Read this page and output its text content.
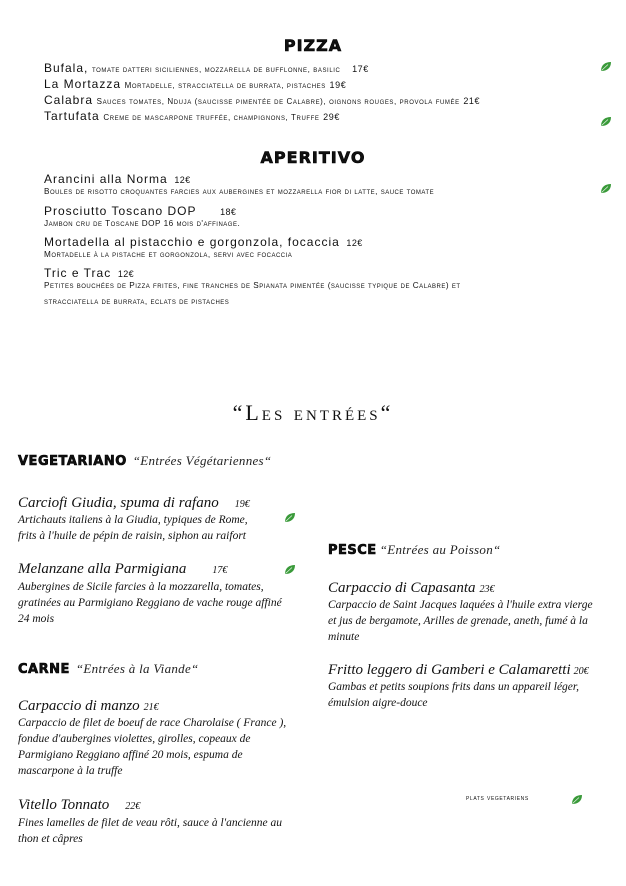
PIZZA
Bufala, tomate datteri siciliennes, mozzarella de bufflonne, basilic 17€
La Mortazza Mortadelle, stracciatella de burrata, pistaches 19€
Calabra Sauces tomates, Nduja (saucisse pimentée de Calabre), oignons rouges, provola fumée 21€
Tartufata Creme de mascarpone truffée, champignons, Truffe 29€
APERITIVO
Arancini alla Norma 12€
Boules de risotto croquantes farcies aux aubergines et mozzarella fior di latte, sauce tomate
Prosciutto Toscano DOP	18€
Jambon cru de Toscane DOP 16 mois d'affinage.
Mortadella al pistacchio e gorgonzola, focaccia 12€
Mortadelle à la pistache et gorgonzola, servi avec focaccia
Tric e Trac 12€
Petites bouchées de Pizza frites, fine tranches de Spianata pimentée (saucisse typique de Calabre) et
stracciatella de burrata, eclats de pistaches
“Les entrées“
VEGETARIANO “Entrées Végétariennes“
Carciofi Giudia, spuma di rafano 19€
Artichauts italiens à la Giudia, typiques de Rome,
frits à l'huile de pépin de raisin, siphon au raifort
Melanzane alla Parmigiana	17€
Aubergines de Sicile farcies à la mozzarella, tomates,
gratinées au Parmigiano Reggiano de vache rouge affiné
24 mois
CARNE “Entrées à la Viande“
Carpaccio di manzo 21€
Carpaccio de filet de boeuf de race Charolaise ( France ),
fondue d'aubergines violettes, girolles, copeaux de
Parmigiano Reggiano affiné 20 mois, espuma de
mascarpone à la truffe
Vitello Tonnato 22€
Fines lamelles de filet de veau rôti, sauce à l'ancienne au
thon et câpres
PESCE “Entrées au Poisson“
Carpaccio di Capasanta 23€
Carpaccio de Saint Jacques laquées à l'huile extra vierge
et jus de bergamote, Arilles de grenade, aneth, fumé à la
minute
Fritto leggero di Gamberi e Calamaretti 20€
Gambas et petits soupions frits dans un appareil léger,
émulsion aigre-douce
plats vegetariens
